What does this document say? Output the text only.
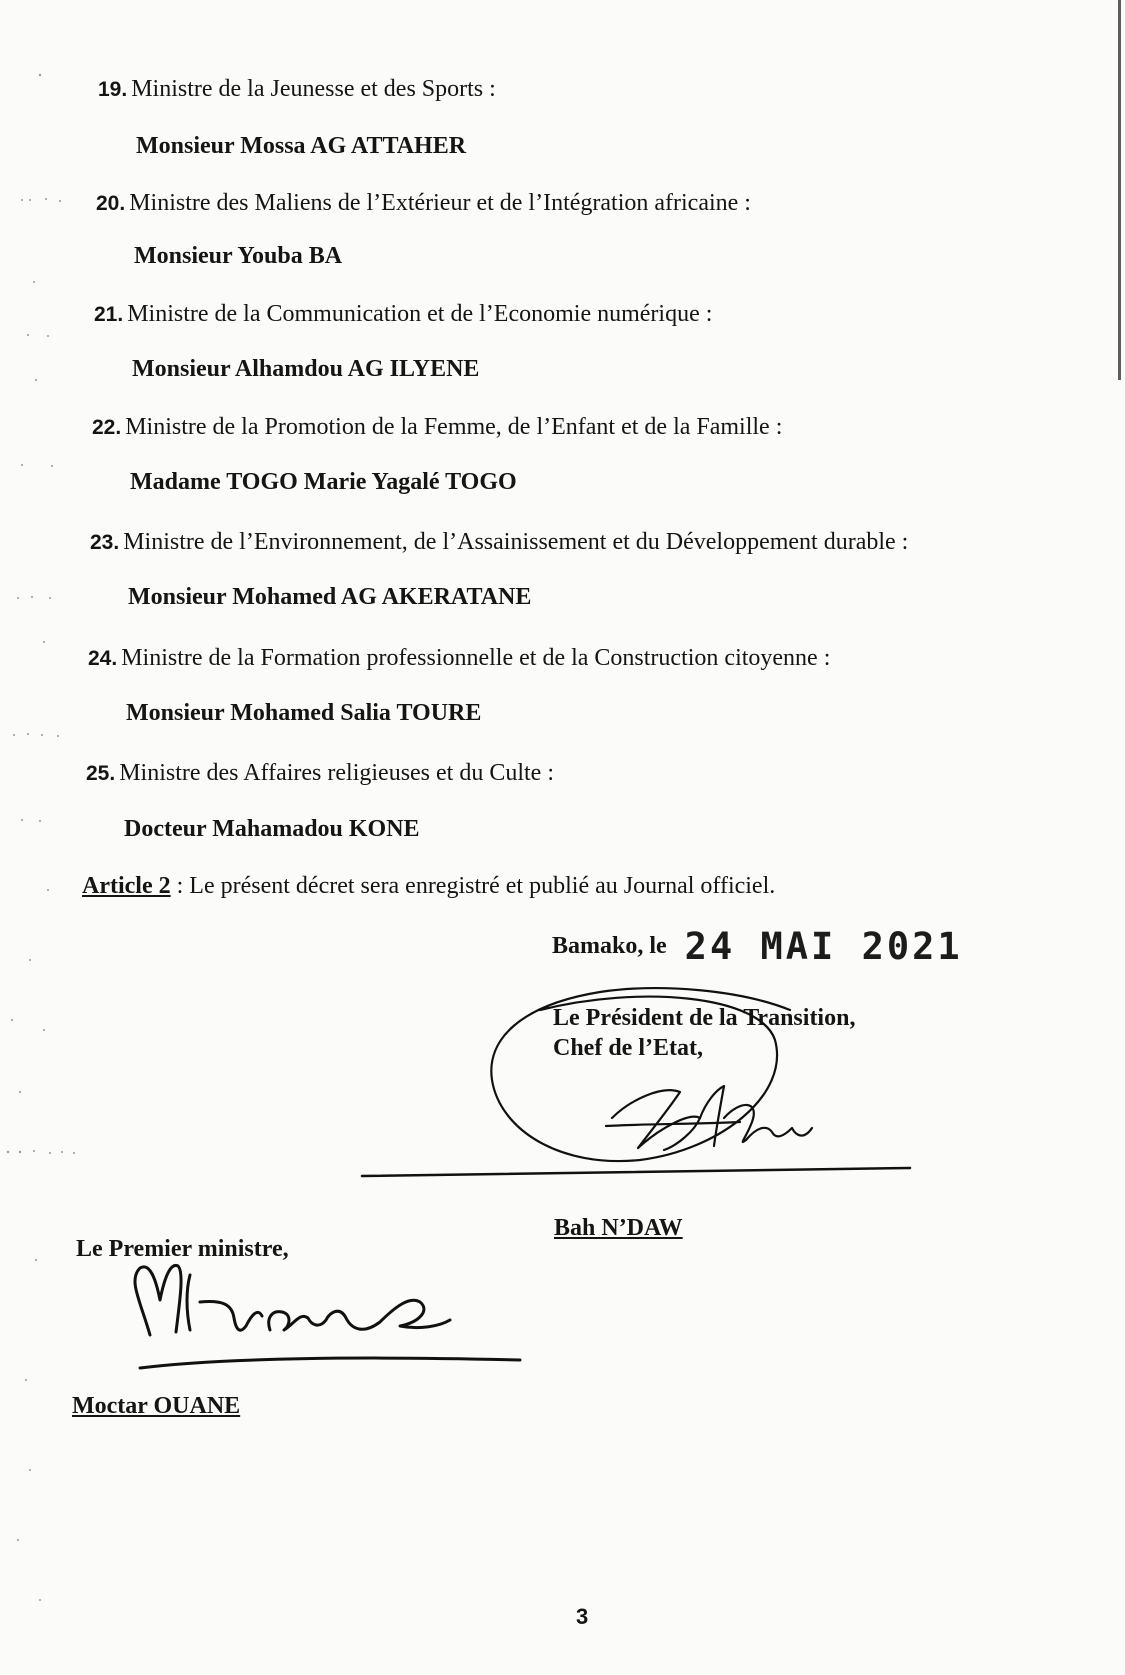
19. Ministre de la Jeunesse et des Sports :
Monsieur Mossa AG ATTAHER
20. Ministre des Maliens de l’Extérieur et de l’Intégration africaine :
Monsieur Youba BA
21. Ministre de la Communication et de l’Economie numérique :
Monsieur Alhamdou AG ILYENE
22. Ministre de la Promotion de la Femme, de l’Enfant et de la Famille :
Madame TOGO Marie Yagalé TOGO
23. Ministre de l’Environnement, de l’Assainissement et du Développement durable :
Monsieur Mohamed AG AKERATANE
24. Ministre de la Formation professionnelle et de la Construction citoyenne :
Monsieur Mohamed Salia TOURE
25. Ministre des Affaires religieuses et du Culte :
Docteur Mahamadou KONE
Article 2 : Le présent décret sera enregistré et publié au Journal officiel.
Bamako, le 24 MAI 2021
Le Président de la Transition,
Chef de l’Etat,
Bah N’DAW
Le Premier ministre,
Moctar OUANE
3
